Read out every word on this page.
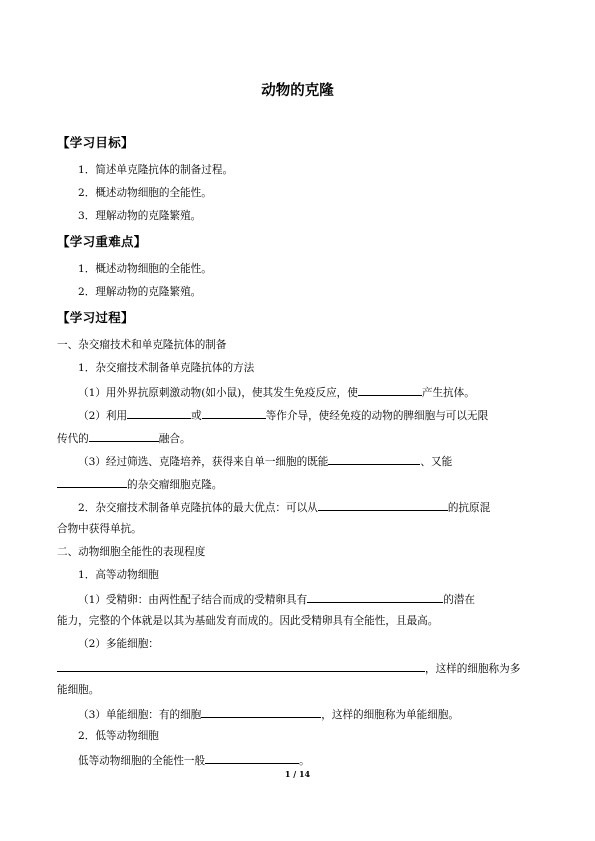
动物的克隆
【学习目标】
1．简述单克隆抗体的制备过程。
2．概述动物细胞的全能性。
3．理解动物的克隆繁殖。
【学习重难点】
1．概述动物细胞的全能性。
2．理解动物的克隆繁殖。
【学习过程】
一、杂交瘤技术和单克隆抗体的制备
1．杂交瘤技术制备单克隆抗体的方法
（1）用外界抗原刺激动物(如小鼠)，使其发生免疫反应，使	产生抗体。
（2）利用	或	等作介导，使经免疫的动物的脾细胞与可以无限
传代的	融合。
（3）经过筛选、克隆培养，获得来自单一细胞的既能	、又能
的杂交瘤细胞克隆。
2．杂交瘤技术制备单克隆抗体的最大优点：可以从	的抗原混
合物中获得单抗。
二、动物细胞全能性的表现程度
1．高等动物细胞
（1）受精卵：由两性配子结合而成的受精卵具有	的潜在
能力，完整的个体就是以其为基础发育而成的。因此受精卵具有全能性，且最高。
（2）多能细胞：
，这样的细胞称为多
能细胞。
（3）单能细胞：有的细胞	，这样的细胞称为单能细胞。
2．低等动物细胞
低等动物细胞的全能性一般	。
1 / 14
